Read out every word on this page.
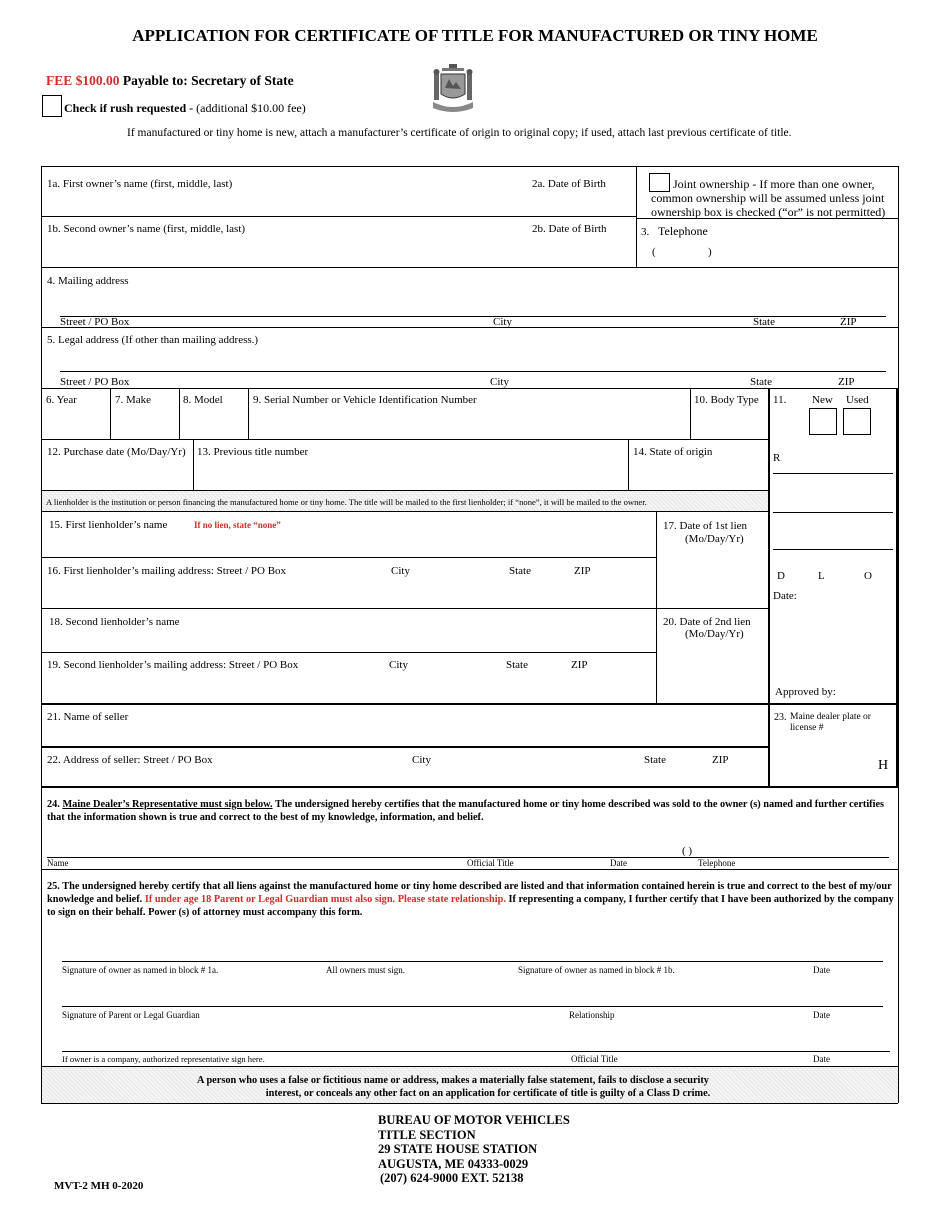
APPLICATION FOR CERTIFICATE OF TITLE FOR MANUFACTURED OR TINY HOME
FEE $100.00 Payable to: Secretary of State
Check if rush requested - (additional $10.00 fee)
If manufactured or tiny home is new, attach a manufacturer’s certificate of origin to original copy; if used, attach last previous certificate of title.
1a. First owner’s name (first, middle, last)	2a. Date of Birth	Joint ownership - If more than one owner, common ownership will be assumed unless joint ownership box is checked (“or” is not permitted)
1b. Second owner’s name (first, middle, last)	2b. Date of Birth	3. Telephone
(	)
4. Mailing address
Street / PO Box	City	State	ZIP
5. Legal address (If other than mailing address.)
Street / PO Box	City	State	ZIP
6. Year	7. Make	8. Model	9. Serial Number or Vehicle Identification Number	10. Body Type 11. New Used
12. Purchase date (Mo/Day/Yr) 13. Previous title number	14. State of origin
A lienholder is the institution or person financing the manufactured home or tiny home. The title will be mailed to the first lienholder; if “none”, it will be mailed to the owner.
15. First lienholder’s name	If no lien, state “none”	17. Date of 1st lien
(Mo/Day/Yr)
16. First lienholder’s mailing address: Street / PO Box	City	State	ZIP
18. Second lienholder’s name	20. Date of 2nd lien
(Mo/Day/Yr)
19. Second lienholder’s mailing address: Street / PO Box	City	State	ZIP
R
D	L	O
Date:
Approved by:
21. Name of seller
22. Address of seller: Street / PO Box	City	State	ZIP
23. Maine dealer plate or license #
H
24. Maine Dealer’s Representative must sign below. The undersigned hereby certifies that the manufactured home or tiny home described was sold to the owner (s) named and further certifies that the information shown is true and correct to the best of my knowledge, information, and belief.
( )
Name	Official Title	Date	Telephone
25. The undersigned hereby certify that all liens against the manufactured home or tiny home described are listed and that information contained herein is true and correct to the best of my/our knowledge and belief. If under age 18 Parent or Legal Guardian must also sign. Please state relationship. If representing a company, I further certify that I have been authorized by the company to sign on their behalf. Power (s) of attorney must accompany this form.
Signature of owner as named in block # 1a.	All owners must sign.	Signature of owner as named in block # 1b.	Date
Signature of Parent or Legal Guardian	Relationship	Date
If owner is a company, authorized representative sign here.	Official Title	Date
A person who uses a false or fictitious name or address, makes a materially false statement, fails to disclose a security
interest, or conceals any other fact on an application for certificate of title is guilty of a Class D crime.
BUREAU OF MOTOR VEHICLES
TITLE SECTION
29 STATE HOUSE STATION
AUGUSTA, ME 04333-0029
(207) 624-9000 EXT. 52138
MVT-2 MH 0-2020
